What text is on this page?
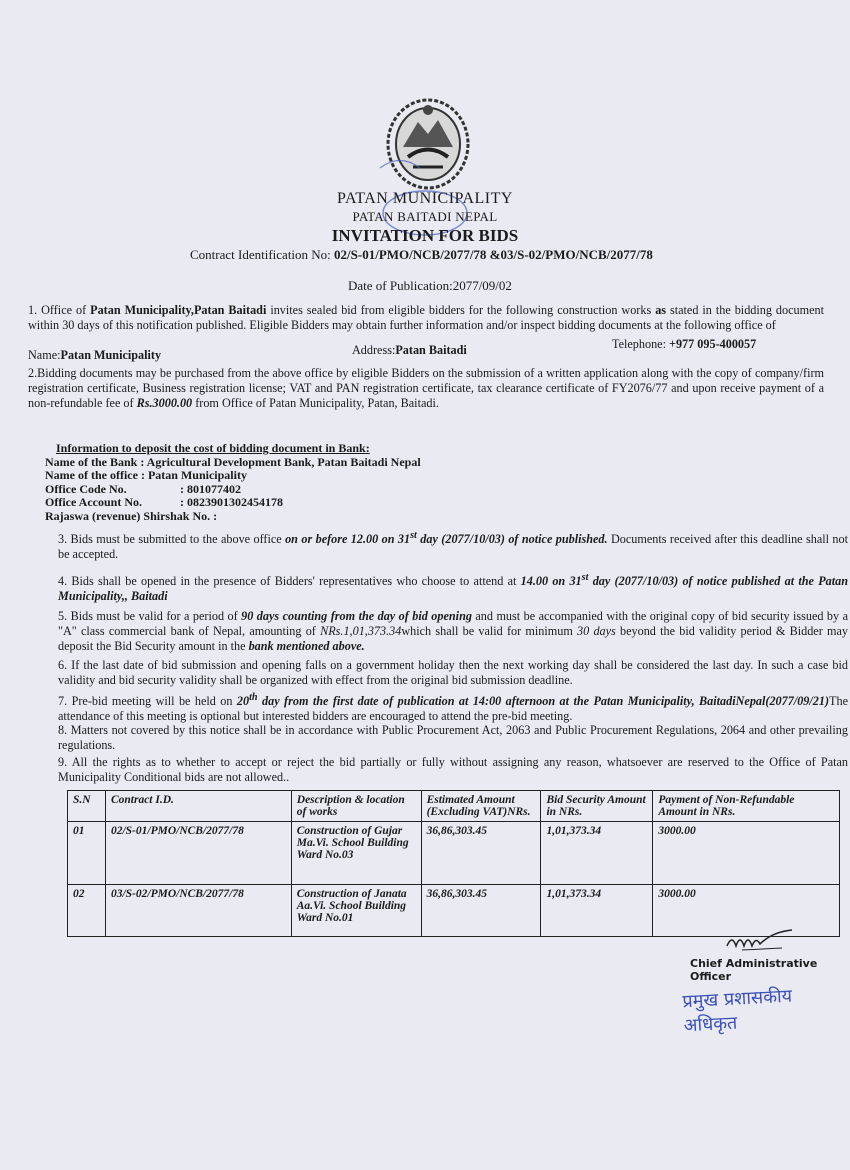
PATAN MUNICIPALITY
PATAN BAITADI NEPAL
INVITATION FOR BIDS
Contract Identification No: 02/S-01/PMO/NCB/2077/78 &03/S-02/PMO/NCB/2077/78
Date of Publication:2077/09/02
1. Office of Patan Municipality,Patan Baitadi invites sealed bid from eligible bidders for the following construction works as stated in the bidding document within 30 days of this notification published. Eligible Bidders may obtain further information and/or inspect bidding documents at the following office of
Name:Patan Municipality	Address:Patan Baitadi	Telephone: +977 095-400057
2.Bidding documents may be purchased from the above office by eligible Bidders on the submission of a written application along with the copy of company/firm registration certificate, Business registration license; VAT and PAN registration certificate, tax clearance certificate of FY2076/77 and upon receive payment of a non-refundable fee of Rs.3000.00 from Office of Patan Municipality, Patan, Baitadi.
Information to deposit the cost of bidding document in Bank:
Name of the Bank : Agricultural Development Bank, Patan Baitadi Nepal
Name of the office : Patan Municipality
Office Code No.	: 801077402
Office Account No.	: 0823901302454178
Rajaswa (revenue) Shirshak No. :
3. Bids must be submitted to the above office on or before 12.00 on 31st day (2077/10/03) of notice published. Documents received after this deadline shall not be accepted.
4. Bids shall be opened in the presence of Bidders' representatives who choose to attend at 14.00 on 31st day (2077/10/03) of notice published at the Patan Municipality,, Baitadi
5. Bids must be valid for a period of 90 days counting from the day of bid opening and must be accompanied with the original copy of bid security issued by a "A" class commercial bank of Nepal, amounting of NRs.1,01,373.34which shall be valid for minimum 30 days beyond the bid validity period & Bidder may deposit the Bid Security amount in the bank mentioned above.
6. If the last date of bid submission and opening falls on a government holiday then the next working day shall be considered the last day. In such a case bid validity and bid security validity shall be organized with effect from the original bid submission deadline.
7. Pre-bid meeting will be held on 20th day from the first date of publication at 14:00 afternoon at the Patan Municipality, BaitadiNepal(2077/09/21)The attendance of this meeting is optional but interested bidders are encouraged to attend the pre-bid meeting.
8. Matters not covered by this notice shall be in accordance with Public Procurement Act, 2063 and Public Procurement Regulations, 2064 and other prevailing regulations.
9. All the rights as to whether to accept or reject the bid partially or fully without assigning any reason, whatsoever are reserved to the Office of Patan Municipality Conditional bids are not allowed..
S.N	Contract I.D.	Description & location of works	Estimated Amount (Excluding VAT)NRs.	Bid Security Amount in NRs.	Payment of Non-Refundable Amount in NRs.
01	02/S-01/PMO/NCB/2077/78	Construction of Gujar Ma.Vi. School Building Ward No.03	36,86,303.45	1,01,373.34	3000.00
02	03/S-02/PMO/NCB/2077/78	Construction of Janata Aa.Vi. School Building Ward No.01	36,86,303.45	1,01,373.34	3000.00
Chief Administrative Officer
प्रमुख प्रशासकीय अधिकृत
